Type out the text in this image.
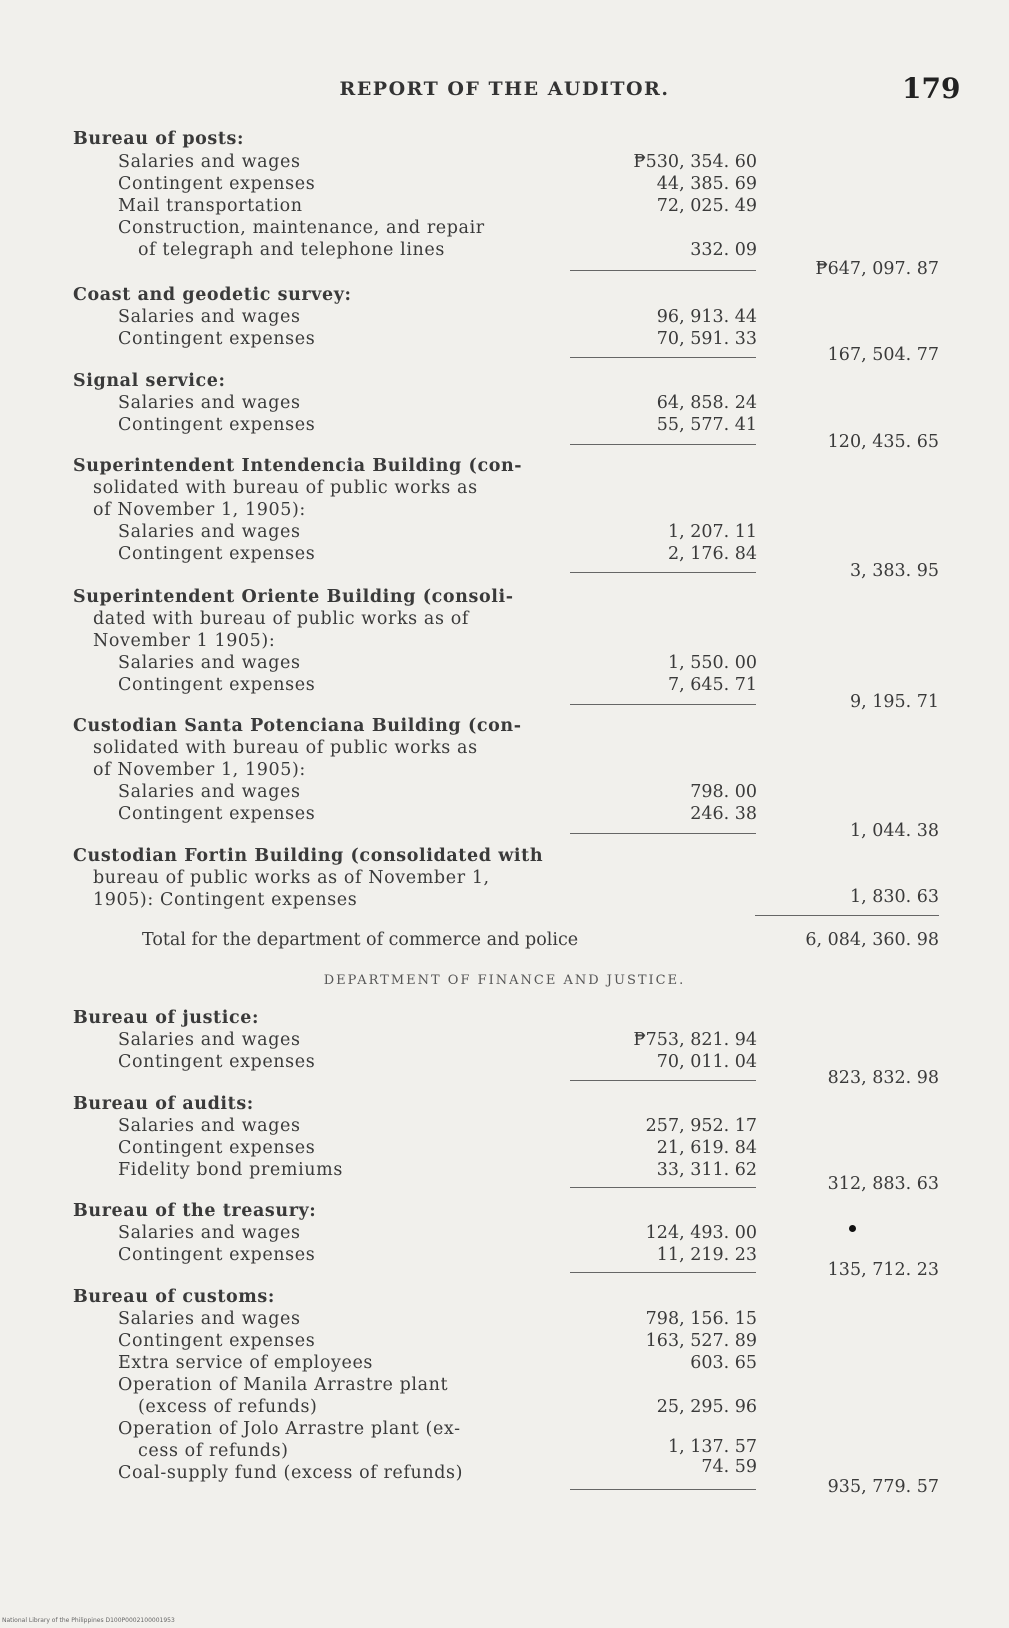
REPORT OF THE AUDITOR.	179
Bureau of posts:
Salaries and wages	₱530, 354. 60
Contingent expenses	44, 385. 69
Mail transportation	72, 025. 49
Construction, maintenance, and repair
of telegraph and telephone lines	332. 09
₱647, 097. 87
Coast and geodetic survey:
Salaries and wages	96, 913. 44
Contingent expenses	70, 591. 33
167, 504. 77
Signal service:
Salaries and wages	64, 858. 24
Contingent expenses	55, 577. 41
120, 435. 65
Superintendent Intendencia Building (con-
solidated with bureau of public works as
of November 1, 1905):
Salaries and wages	1, 207. 11
Contingent expenses	2, 176. 84
3, 383. 95
Superintendent Oriente Building (consoli-
dated with bureau of public works as of
November 1 1905):
Salaries and wages	1, 550. 00
Contingent expenses	7, 645. 71
9, 195. 71
Custodian Santa Potenciana Building (con-
solidated with bureau of public works as
of November 1, 1905):
Salaries and wages	798. 00
Contingent expenses	246. 38
1, 044. 38
Custodian Fortin Building (consolidated with
bureau of public works as of November 1,
1905): Contingent expenses	1, 830. 63
Total for the department of commerce and police	6, 084, 360. 98
DEPARTMENT OF FINANCE AND JUSTICE.
Bureau of justice:
Salaries and wages	₱753, 821. 94
Contingent expenses	70, 011. 04
823, 832. 98
Bureau of audits:
Salaries and wages	257, 952. 17
Contingent expenses	21, 619. 84
Fidelity bond premiums	33, 311. 62
312, 883. 63
Bureau of the treasury:
Salaries and wages	124, 493. 00
Contingent expenses	11, 219. 23
135, 712. 23
Bureau of customs:
Salaries and wages	798, 156. 15
Contingent expenses	163, 527. 89
Extra service of employees	603. 65
Operation of Manila Arrastre plant
(excess of refunds)	25, 295. 96
Operation of Jolo Arrastre plant (ex-
cess of refunds)	1, 137. 57
Coal-supply fund (excess of refunds)	74. 59
935, 779. 57
National Library of the Philippines D100P0002100001953
